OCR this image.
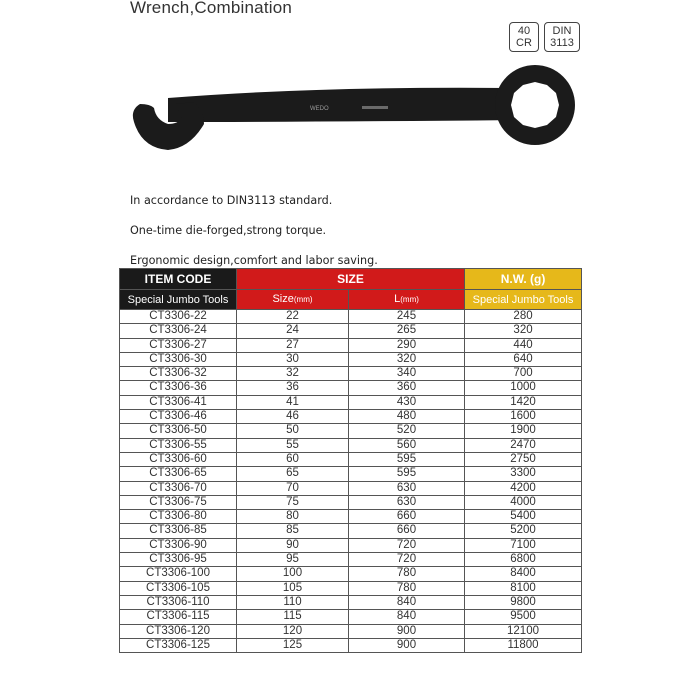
Wrench,Combination
40
CR
DIN
3113
WEDO
In accordance to DIN3113 standard.
One-time die-forged,strong torque.
Ergonomic design,comfort and labor saving.
ITEM CODE	SIZE		N.W. (g)
Special Jumbo Tools	Size(mm)	L(mm)	Special Jumbo Tools
CT3306-22	22	245	280
CT3306-24	24	265	320
CT3306-27	27	290	440
CT3306-30	30	320	640
CT3306-32	32	340	700
CT3306-36	36	360	1000
CT3306-41	41	430	1420
CT3306-46	46	480	1600
CT3306-50	50	520	1900
CT3306-55	55	560	2470
CT3306-60	60	595	2750
CT3306-65	65	595	3300
CT3306-70	70	630	4200
CT3306-75	75	630	4000
CT3306-80	80	660	5400
CT3306-85	85	660	5200
CT3306-90	90	720	7100
CT3306-95	95	720	6800
CT3306-100	100	780	8400
CT3306-105	105	780	8100
CT3306-110	110	840	9800
CT3306-115	115	840	9500
CT3306-120	120	900	12100
CT3306-125	125	900	11800
